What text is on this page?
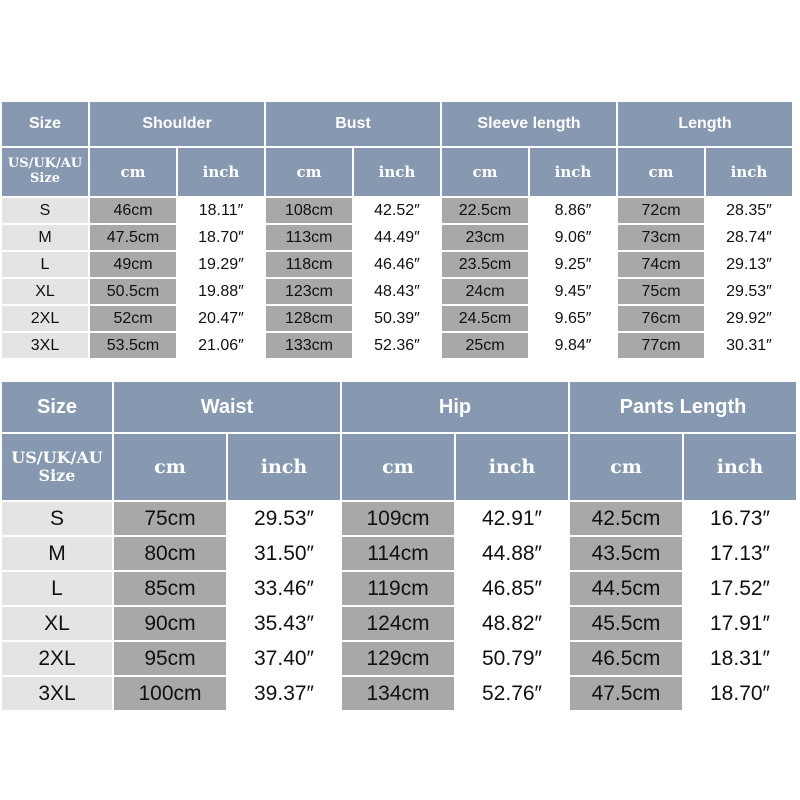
Size	Shoulder	Bust	Sleeve length	Length
US/UK/AU
Size	cm	inch	cm	inch	cm	inch	cm	inch
S	46cm	18.11″	108cm	42.52″	22.5cm	8.86″	72cm	28.35″
M	47.5cm	18.70″	113cm	44.49″	23cm	9.06″	73cm	28.74″
L	49cm	19.29″	118cm	46.46″	23.5cm	9.25″	74cm	29.13″
XL	50.5cm	19.88″	123cm	48.43″	24cm	9.45″	75cm	29.53″
2XL	52cm	20.47″	128cm	50.39″	24.5cm	9.65″	76cm	29.92″
3XL	53.5cm	21.06″	133cm	52.36″	25cm	9.84″	77cm	30.31″
Size	Waist	Hip	Pants Length
US/UK/AU
Size	cm	inch	cm	inch	cm	inch
S	75cm	29.53″	109cm	42.91″	42.5cm	16.73″
M	80cm	31.50″	114cm	44.88″	43.5cm	17.13″
L	85cm	33.46″	119cm	46.85″	44.5cm	17.52″
XL	90cm	35.43″	124cm	48.82″	45.5cm	17.91″
2XL	95cm	37.40″	129cm	50.79″	46.5cm	18.31″
3XL	100cm	39.37″	134cm	52.76″	47.5cm	18.70″
